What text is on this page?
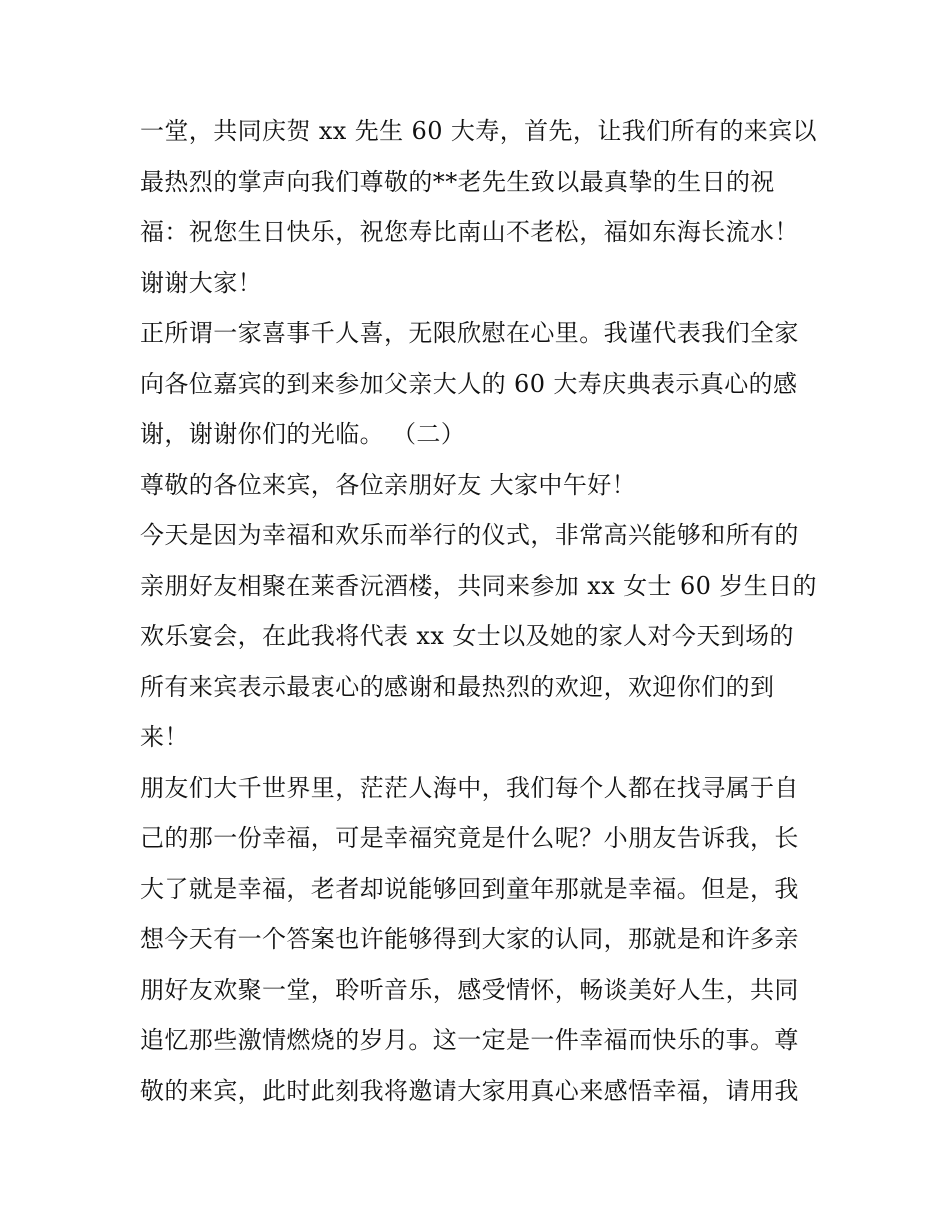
一堂，共同庆贺 xx 先生 60 大寿，首先，让我们所有的来宾以
最热烈的掌声向我们尊敬的**老先生致以最真挚的生日的祝
福：祝您生日快乐，祝您寿比南山不老松，福如东海长流水！
谢谢大家！
正所谓一家喜事千人喜，无限欣慰在心里。我谨代表我们全家
向各位嘉宾的到来参加父亲大人的 60 大寿庆典表示真心的感
谢，谢谢你们的光临。 （二）
尊敬的各位来宾，各位亲朋好友 大家中午好！
今天是因为幸福和欢乐而举行的仪式，非常高兴能够和所有的
亲朋好友相聚在莱香沅酒楼，共同来参加 xx 女士 60 岁生日的
欢乐宴会，在此我将代表 xx 女士以及她的家人对今天到场的
所有来宾表示最衷心的感谢和最热烈的欢迎，欢迎你们的到
来！
朋友们大千世界里，茫茫人海中，我们每个人都在找寻属于自
己的那一份幸福，可是幸福究竟是什么呢？小朋友告诉我，长
大了就是幸福，老者却说能够回到童年那就是幸福。但是，我
想今天有一个答案也许能够得到大家的认同，那就是和许多亲
朋好友欢聚一堂，聆听音乐，感受情怀，畅谈美好人生，共同
追忆那些激情燃烧的岁月。这一定是一件幸福而快乐的事。尊
敬的来宾，此时此刻我将邀请大家用真心来感悟幸福，请用我
